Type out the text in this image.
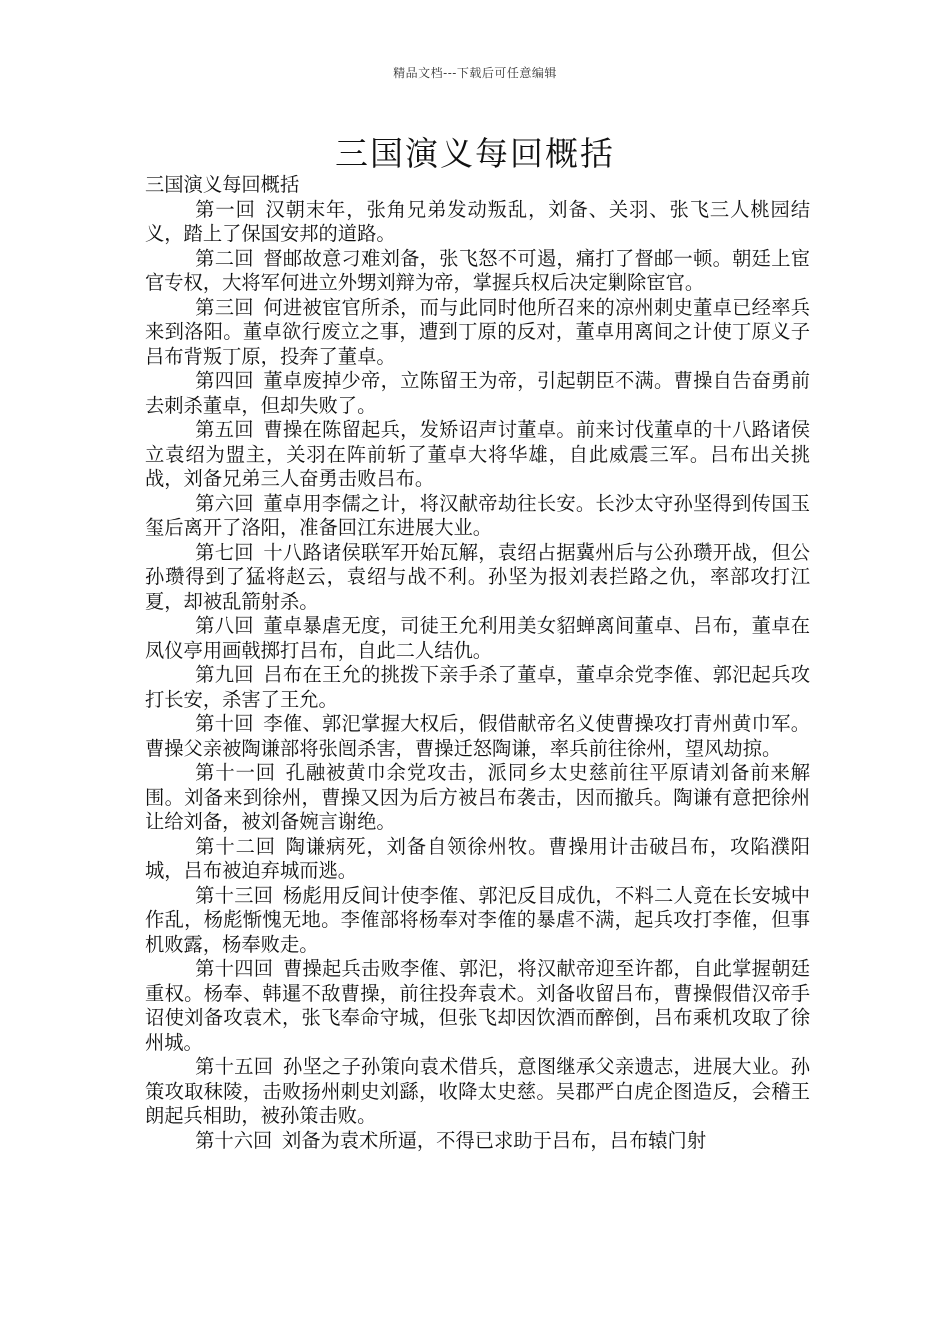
精品文档---下载后可任意编辑
三国演义每回概括

三国演义每回概括

第一回 汉朝末年，张角兄弟发动叛乱，刘备、关羽、张飞三人桃园结义，踏上了保国安邦的道路。

第二回 督邮故意刁难刘备，张飞怒不可遏，痛打了督邮一顿。朝廷上宦官专权，大将军何进立外甥刘辩为帝，掌握兵权后决定剿除宦官。

第三回 何进被宦官所杀，而与此同时他所召来的凉州刺史董卓已经率兵来到洛阳。董卓欲行废立之事，遭到丁原的反对，董卓用离间之计使丁原义子吕布背叛丁原，投奔了董卓。

第四回 董卓废掉少帝，立陈留王为帝，引起朝臣不满。曹操自告奋勇前去刺杀董卓，但却失败了。

第五回 曹操在陈留起兵，发矫诏声讨董卓。前来讨伐董卓的十八路诸侯立袁绍为盟主，关羽在阵前斩了董卓大将华雄，自此威震三军。吕布出关挑战，刘备兄弟三人奋勇击败吕布。

第六回 董卓用李儒之计，将汉献帝劫往长安。长沙太守孙坚得到传国玉玺后离开了洛阳，准备回江东进展大业。

第七回 十八路诸侯联军开始瓦解，袁绍占据冀州后与公孙瓒开战，但公孙瓒得到了猛将赵云，袁绍与战不利。孙坚为报刘表拦路之仇，率部攻打江夏，却被乱箭射杀。

第八回 董卓暴虐无度，司徒王允利用美女貂蝉离间董卓、吕布，董卓在凤仪亭用画戟掷打吕布，自此二人结仇。

第九回 吕布在王允的挑拨下亲手杀了董卓，董卓余党李傕、郭汜起兵攻打长安，杀害了王允。

第十回 李傕、郭汜掌握大权后，假借献帝名义使曹操攻打青州黄巾军。曹操父亲被陶谦部将张闿杀害，曹操迁怒陶谦，率兵前往徐州，望风劫掠。

第十一回 孔融被黄巾余党攻击，派同乡太史慈前往平原请刘备前来解围。刘备来到徐州，曹操又因为后方被吕布袭击，因而撤兵。陶谦有意把徐州让给刘备，被刘备婉言谢绝。

第十二回 陶谦病死，刘备自领徐州牧。曹操用计击破吕布，攻陷濮阳城，吕布被迫弃城而逃。

第十三回 杨彪用反间计使李傕、郭汜反目成仇，不料二人竟在长安城中作乱，杨彪惭愧无地。李傕部将杨奉对李傕的暴虐不满，起兵攻打李傕，但事机败露，杨奉败走。

第十四回 曹操起兵击败李傕、郭汜，将汉献帝迎至许都，自此掌握朝廷重权。杨奉、韩暹不敌曹操，前往投奔袁术。刘备收留吕布，曹操假借汉帝手诏使刘备攻袁术，张飞奉命守城，但张飞却因饮酒而醉倒，吕布乘机攻取了徐州城。

第十五回 孙坚之子孙策向袁术借兵，意图继承父亲遗志，进展大业。孙策攻取秣陵，击败扬州刺史刘繇，收降太史慈。吴郡严白虎企图造反，会稽王朗起兵相助，被孙策击败。

第十六回 刘备为袁术所逼，不得已求助于吕布，吕布辕门射
